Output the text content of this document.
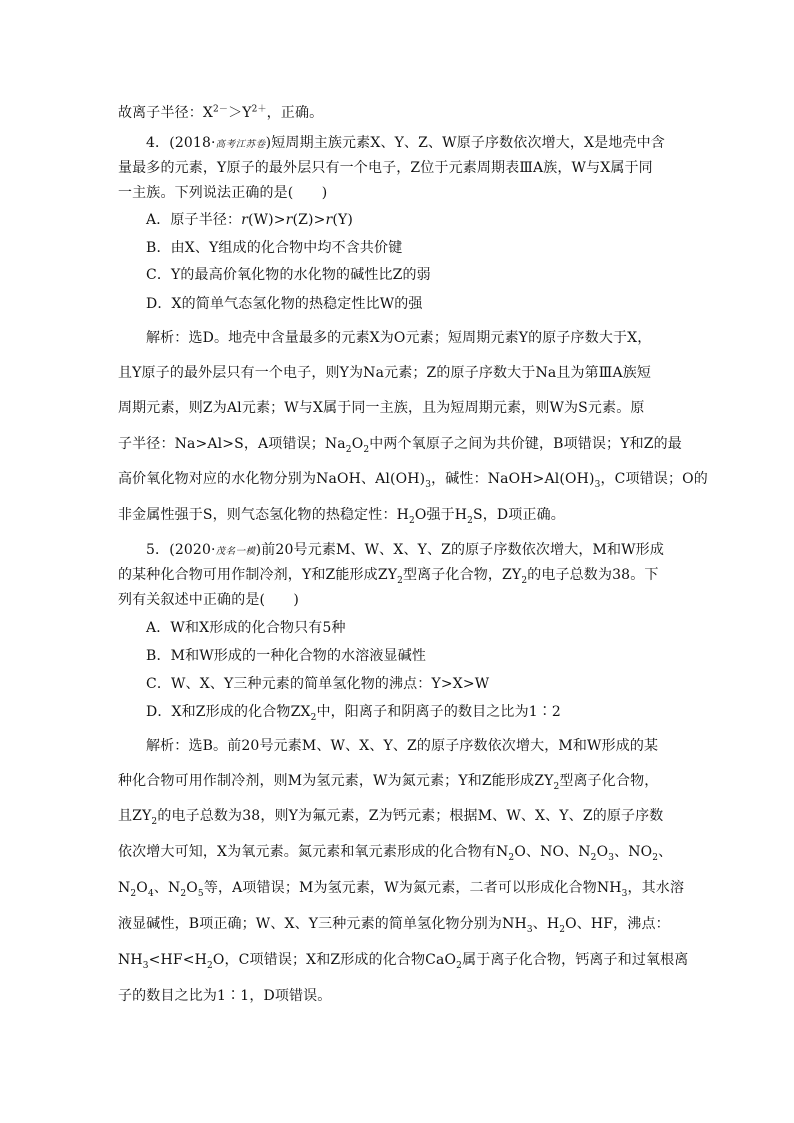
故离子半径：$X^{2-}>Y^{2+}$，正确。
4．(2018·高考江苏卷)短周期主族元素X、Y、Z、W原子序数依次增大，X是地壳中含
量最多的元素，Y原子的最外层只有一个电子，Z位于元素周期表ⅢA族，W与X属于同
一主族。下列说法正确的是(　　)
A．原子半径：r(W)>r(Z)>r(Y)
B．由X、Y组成的化合物中均不含共价键
C．Y的最高价氧化物的水化物的碱性比Z的弱
D．X的简单气态氢化物的热稳定性比W的强
解析：选D。地壳中含量最多的元素X为O元素；短周期元素Y的原子序数大于X，
且Y原子的最外层只有一个电子，则Y为Na元素；Z的原子序数大于Na且为第ⅢA族短
周期元素，则Z为Al元素；W与X属于同一主族，且为短周期元素，则W为S元素。原
子半径：Na>Al>S，A项错误；$Na_2O_2$中两个氧原子之间为共价键，B项错误；Y和Z的最
高价氧化物对应的水化物分别为NaOH、$Al(OH)_3$，碱性：$NaOH>Al(OH)_3$，C项错误；O的
非金属性强于S，则气态氢化物的热稳定性：$H_2O$强于$H_2S$，D项正确。
5．(2020·茂名一模)前20号元素M、W、X、Y、Z的原子序数依次增大，M和W形成
的某种化合物可用作制冷剂，Y和Z能形成$ZY_2$型离子化合物，$ZY_2$的电子总数为38。下
列有关叙述中正确的是(　　)
A．W和X形成的化合物只有5种
B．M和W形成的一种化合物的水溶液显碱性
C．W、X、Y三种元素的简单氢化物的沸点：Y>X>W
D．X和Z形成的化合物$ZX_2$中，阳离子和阴离子的数目之比为1∶2
解析：选B。前20号元素M、W、X、Y、Z的原子序数依次增大，M和W形成的某
种化合物可用作制冷剂，则M为氢元素，W为氮元素；Y和Z能形成$ZY_2$型离子化合物，
且$ZY_2$的电子总数为38，则Y为氟元素，Z为钙元素；根据M、W、X、Y、Z的原子序数
依次增大可知，X为氧元素。氮元素和氧元素形成的化合物有$N_2O$、NO、$N_2O_3$、$NO_2$、
$N_2O_4$、$N_2O_5$等，A项错误；M为氢元素，W为氮元素，二者可以形成化合物$NH_3$，其水溶
液显碱性，B项正确；W、X、Y三种元素的简单氢化物分别为$NH_3$、$H_2O$、HF，沸点：
$NH_3<HF<H_2O$，C项错误；X和Z形成的化合物CaO$_2$属于离子化合物，钙离子和过氧根离
子的数目之比为1∶1，D项错误。
